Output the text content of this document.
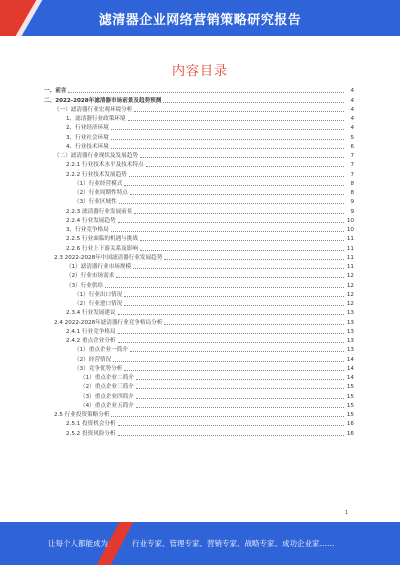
滤清器企业网络营销策略研究报告
内容目录
一、前言	4
二、2022-2028年滤清器市场前景及趋势预测	4
（一）滤清器行业宏观环境分析	4
1、滤清器行业政策环境	4
2、行业经济环境	4
3、行业社会环境	5
4、行业技术环境	6
（二）滤清器行业现状及发展趋势	7
2.2.1 行业技术水平及技术特点	7
2.2.2 行业技术发展趋势	7
（1）行业经营模式	8
（2）行业周期性特点	8
（3）行业区域性	9
2.2.3 滤清器行业发展前景	9
2.2.4 行业发展趋势	10
3、行业竞争格局	10
2.2.5 行业面临的机遇与挑战	11
2.2.6 行业上下游关系及影响	11
2.3 2022-2028年中国滤清器行业发展趋势	11
（1）滤清器行业市场规模	11
（2）行业市场需求	12
（3）行业供给	12
（1）行业出口情况	12
（2）行业进口情况	12
2.3.4 行业发展建议	13
2.4 2022-2028年滤清器行业竞争格局分析	13
2.4.1 行业竞争格局	13
2.4.2 重点企业分析	13
（1）重点企业一简介	13
（2）经营情况	14
（3）竞争优势分析	14
（1）重点企业二简介	14
（2）重点企业三简介	15
（3）重点企业四简介	15
（4）重点企业五简介	15
2.5 行业投资策略分析	15
2.5.1 投资机会分析	16
2.5.2 投资风险分析	16
1
让每个人都能成为	行业专家、管理专家、营销专家、战略专家、成功企业家……
